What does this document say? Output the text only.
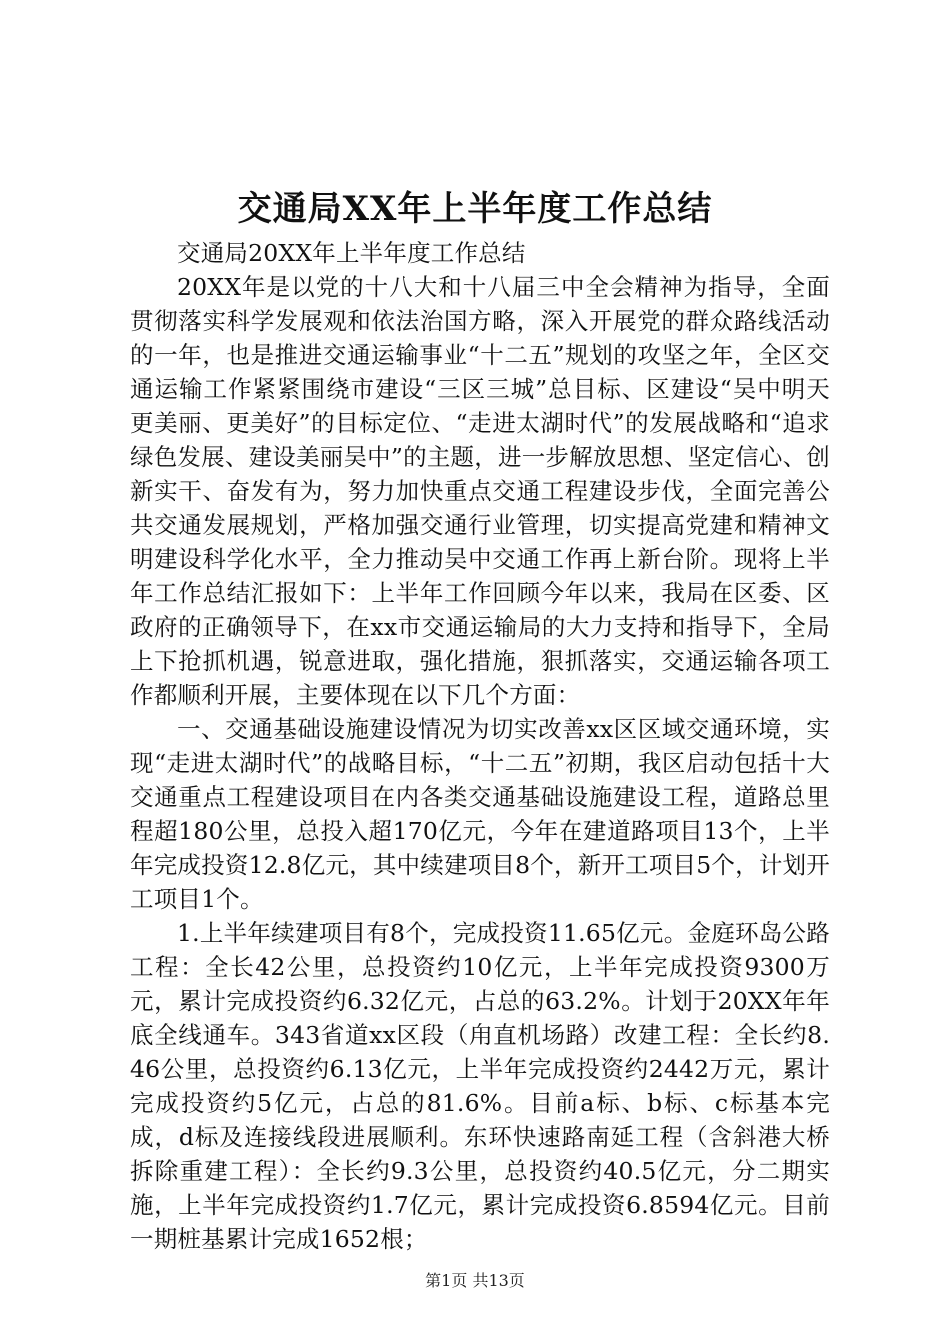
交通局XX年上半年度工作总结

交通局20XX年上半年度工作总结

20XX年是以党的十八大和十八届三中全会精神为指导，全面贯彻落实科学发展观和依法治国方略，深入开展党的群众路线活动的一年，也是推进交通运输事业“十二五”规划的攻坚之年，全区交通运输工作紧紧围绕市建设“三区三城”总目标、区建设“吴中明天更美丽、更美好”的目标定位、“走进太湖时代”的发展战略和“追求绿色发展、建设美丽吴中”的主题，进一步解放思想、坚定信心、创新实干、奋发有为，努力加快重点交通工程建设步伐，全面完善公共交通发展规划，严格加强交通行业管理，切实提高党建和精神文明建设科学化水平，全力推动吴中交通工作再上新台阶。现将上半年工作总结汇报如下：上半年工作回顾今年以来，我局在区委、区政府的正确领导下，在xx市交通运输局的大力支持和指导下，全局上下抢抓机遇，锐意进取，强化措施，狠抓落实，交通运输各项工作都顺利开展，主要体现在以下几个方面：

一、交通基础设施建设情况为切实改善xx区区域交通环境，实现“走进太湖时代”的战略目标，“十二五”初期，我区启动包括十大交通重点工程建设项目在内各类交通基础设施建设工程，道路总里程超180公里，总投入超170亿元，今年在建道路项目13个，上半年完成投资12.8亿元，其中续建项目8个，新开工项目5个，计划开工项目1个。

1.上半年续建项目有8个，完成投资11.65亿元。金庭环岛公路工程：全长42公里，总投资约10亿元，上半年完成投资9300万元，累计完成投资约6.32亿元，占总的63.2%。计划于20XX年年底全线通车。343省道xx区段（甪直机场路）改建工程：全长约8.46公里，总投资约6.13亿元，上半年完成投资约2442万元，累计完成投资约5亿元，占总的81.6%。目前a标、b标、c标基本完成，d标及连接线段进展顺利。东环快速路南延工程（含斜港大桥拆除重建工程）：全长约9.3公里，总投资约40.5亿元，分二期实施，上半年完成投资约1.7亿元，累计完成投资6.8594亿元。目前一期桩基累计完成1652根；

第1页 共13页
